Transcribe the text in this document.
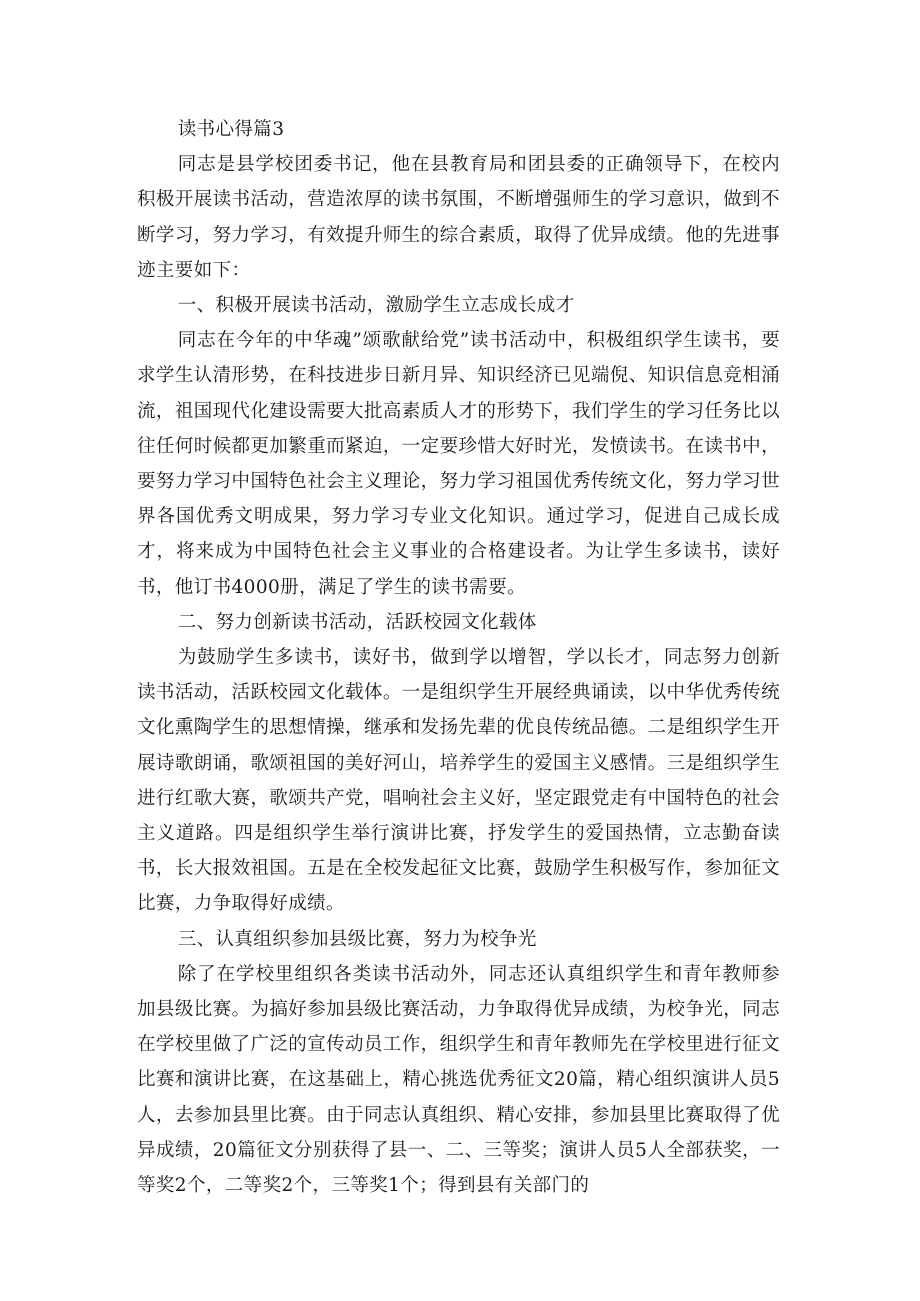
读书心得篇3

同志是县学校团委书记，他在县教育局和团县委的正确领导下，在校内积极开展读书活动，营造浓厚的读书氛围，不断增强师生的学习意识，做到不断学习，努力学习，有效提升师生的综合素质，取得了优异成绩。他的先进事迹主要如下：

一、积极开展读书活动，激励学生立志成长成才

同志在今年的中华魂”颂歌献给党”读书活动中，积极组织学生读书，要求学生认清形势，在科技进步日新月异、知识经济已见端倪、知识信息竞相涌流，祖国现代化建设需要大批高素质人才的形势下，我们学生的学习任务比以往任何时候都更加繁重而紧迫，一定要珍惜大好时光，发愤读书。在读书中，要努力学习中国特色社会主义理论，努力学习祖国优秀传统文化，努力学习世界各国优秀文明成果，努力学习专业文化知识。通过学习，促进自己成长成才，将来成为中国特色社会主义事业的合格建设者。为让学生多读书，读好书，他订书4000册，满足了学生的读书需要。

二、努力创新读书活动，活跃校园文化载体

为鼓励学生多读书，读好书，做到学以增智，学以长才，同志努力创新读书活动，活跃校园文化载体。一是组织学生开展经典诵读，以中华优秀传统文化熏陶学生的思想情操，继承和发扬先辈的优良传统品德。二是组织学生开展诗歌朗诵，歌颂祖国的美好河山，培养学生的爱国主义感情。三是组织学生进行红歌大赛，歌颂共产党，唱响社会主义好，坚定跟党走有中国特色的社会主义道路。四是组织学生举行演讲比赛，抒发学生的爱国热情，立志勤奋读书，长大报效祖国。五是在全校发起征文比赛，鼓励学生积极写作，参加征文比赛，力争取得好成绩。

三、认真组织参加县级比赛，努力为校争光

除了在学校里组织各类读书活动外，同志还认真组织学生和青年教师参加县级比赛。为搞好参加县级比赛活动，力争取得优异成绩，为校争光，同志在学校里做了广泛的宣传动员工作，组织学生和青年教师先在学校里进行征文比赛和演讲比赛，在这基础上，精心挑选优秀征文20篇，精心组织演讲人员5人，去参加县里比赛。由于同志认真组织、精心安排，参加县里比赛取得了优异成绩，20篇征文分别获得了县一、二、三等奖；演讲人员5人全部获奖，一等奖2个，二等奖2个，三等奖1个；得到县有关部门的
